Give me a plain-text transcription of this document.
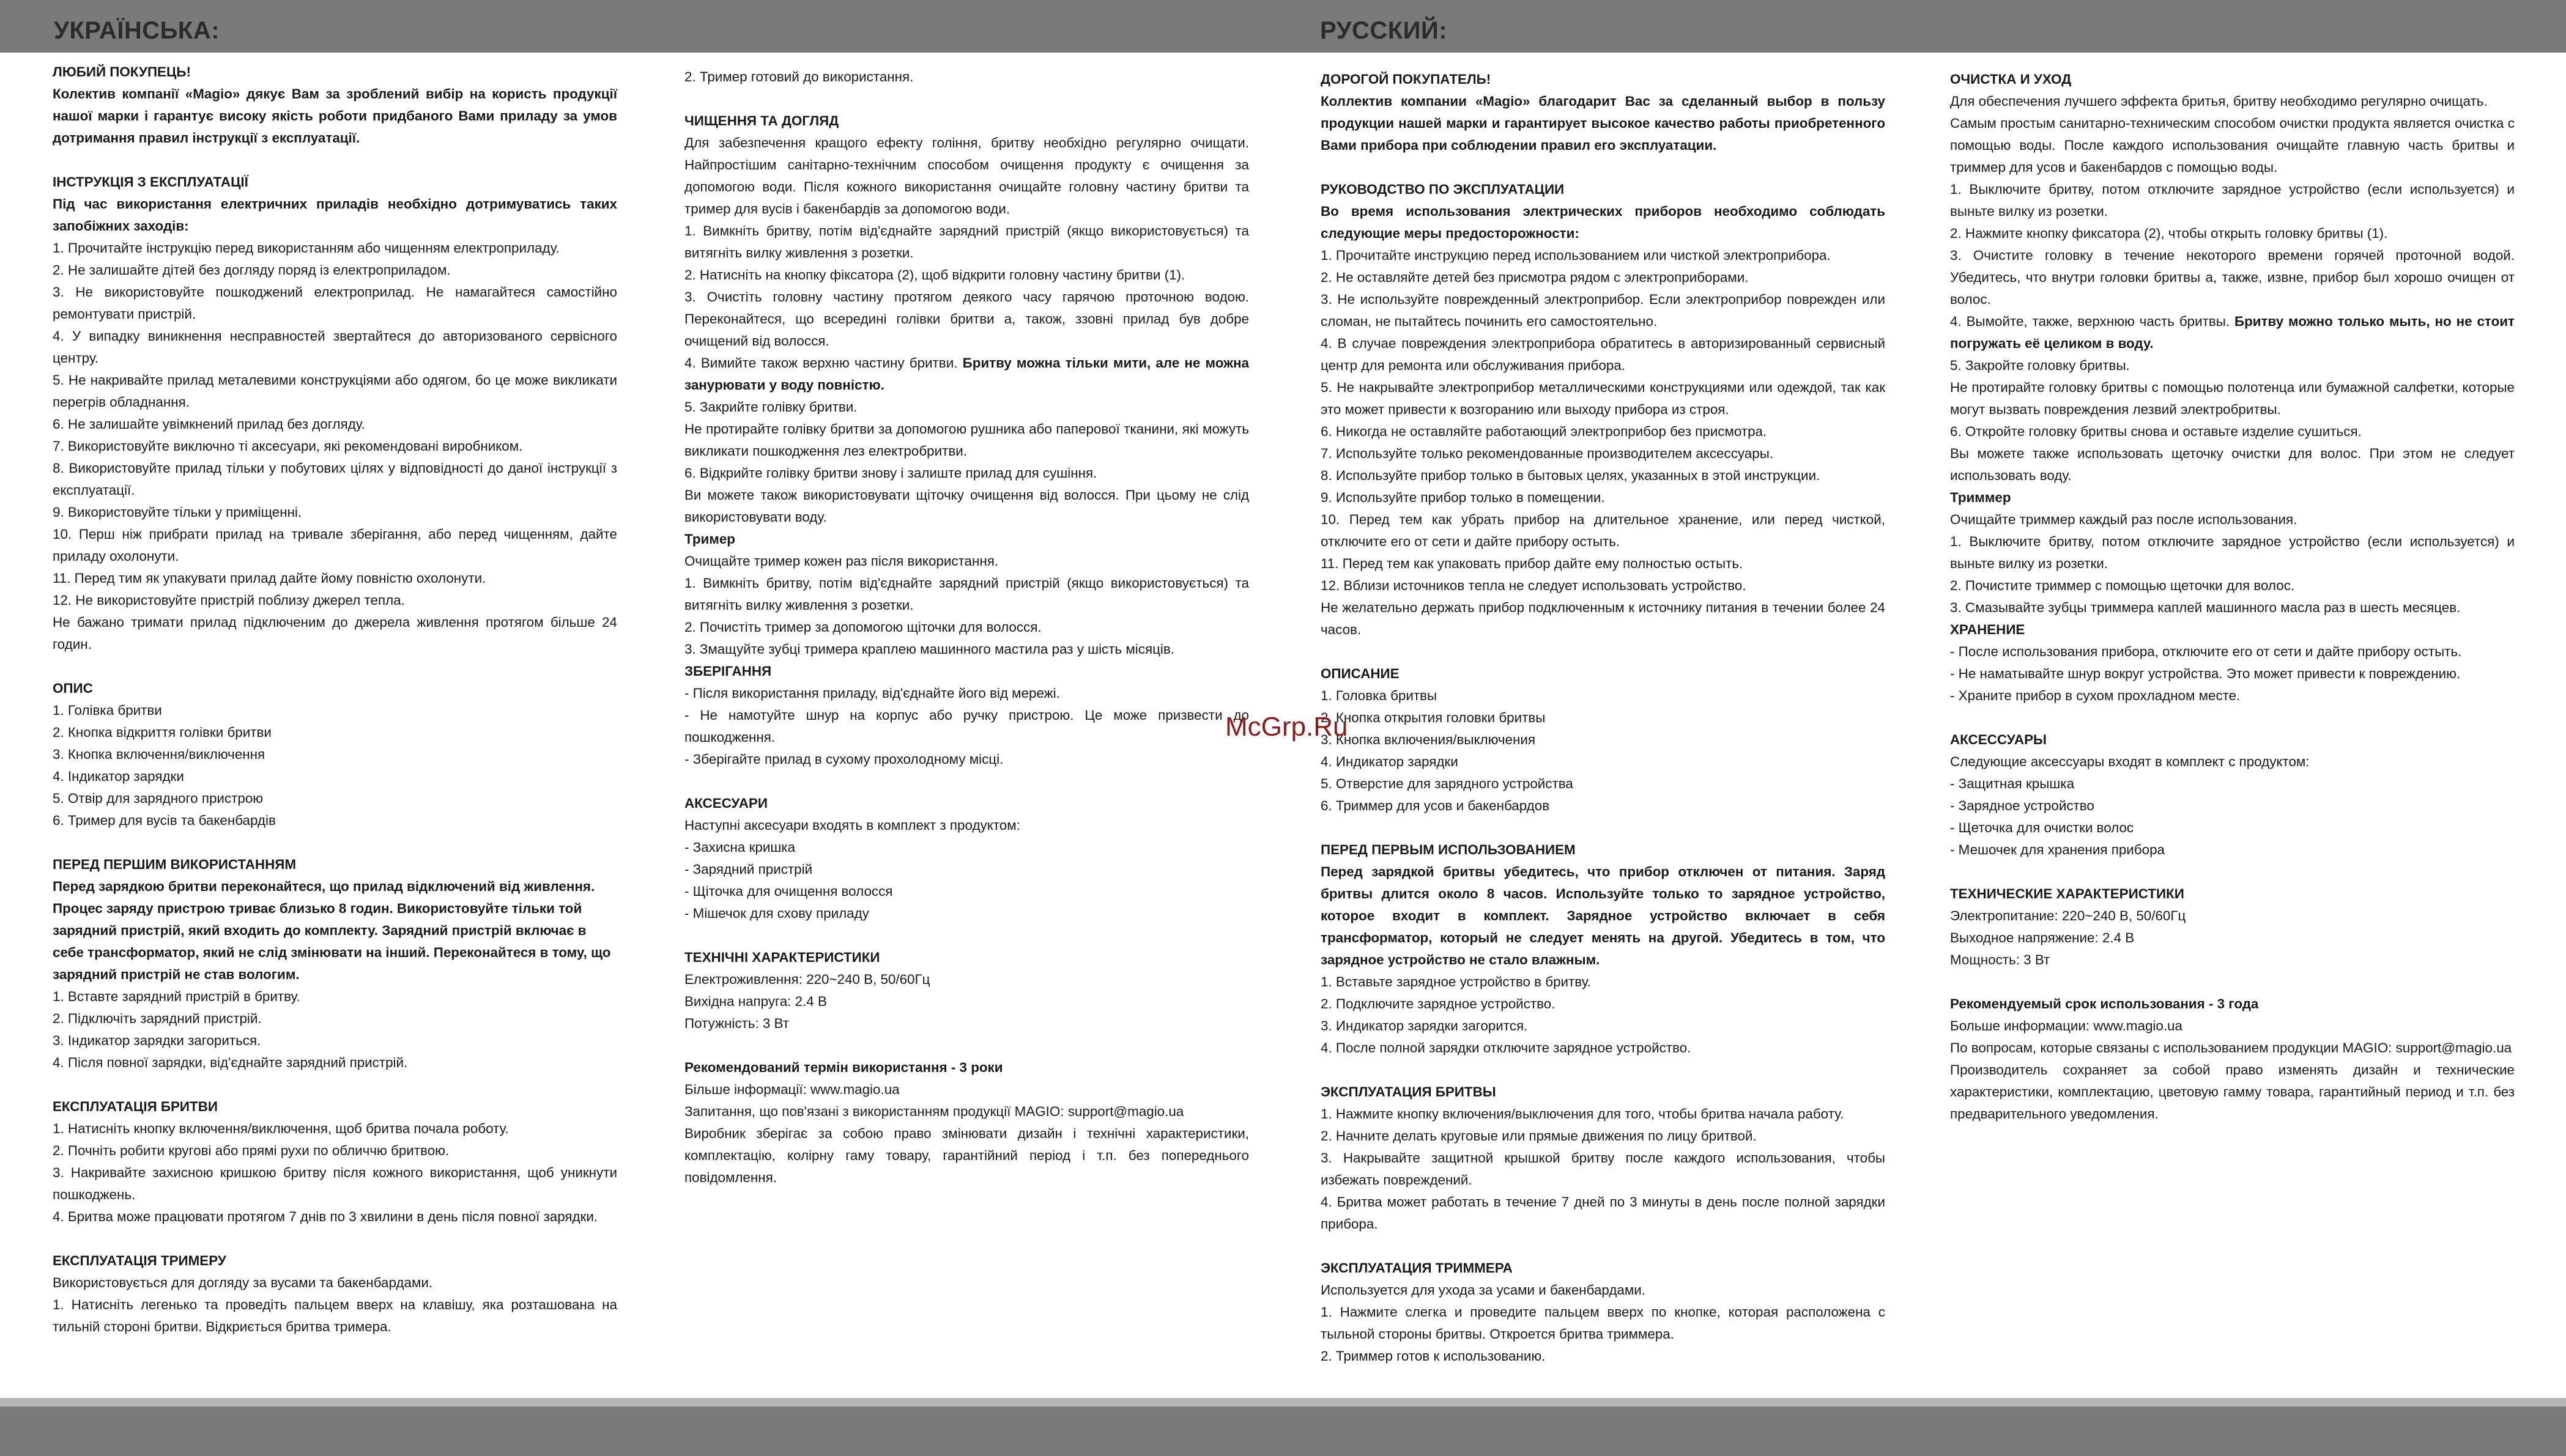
УКРАЇНСЬКА:	РУССКИЙ:

ЛЮБИЙ ПОКУПЕЦЬ!

Колектив компанії «Magio» дякує Вам за зроблений вибір на користь продукції нашої марки і гарантує високу якість роботи придбаного Вами приладу за умов дотримання правил інструкції з експлуатації.

ІНСТРУКЦІЯ З ЕКСПЛУАТАЦІЇ

Під час використання електричних приладів необхідно дотримуватись таких запобіжних заходів:

1. Прочитайте інструкцію перед використанням або чищенням електроприладу.

2. Не залишайте дітей без догляду поряд із електроприладом.

3. Не використовуйте пошкоджений електроприлад. Не намагайтеся самостійно ремонтувати пристрій.

4. У випадку виникнення несправностей звертайтеся до авторизованого сервісного центру.

5. Не накривайте прилад металевими конструкціями або одягом, бо це може викликати перегрів обладнання.

6. Не залишайте увімкнений прилад без догляду.

7. Використовуйте виключно ті аксесуари, які рекомендовані виробником.

8. Використовуйте прилад тільки у побутових цілях у відповідності до даної інструкції з експлуатації.

9. Використовуйте тільки у приміщенні.

10. Перш ніж прибрати прилад на тривале зберігання, або перед чищенням, дайте приладу охолонути.

11. Перед тим як упакувати прилад дайте йому повністю охолонути.

12. Не використовуйте пристрій поблизу джерел тепла.

Не бажано тримати прилад підключеним до джерела живлення протягом більше 24 годин.

ОПИС

1. Голівка бритви

2. Кнопка відкриття голівки бритви

3. Кнопка включення/виключення

4. Індикатор зарядки

5. Отвір для зарядного пристрою

6. Тример для вусів та бакенбардів

ПЕРЕД ПЕРШИМ ВИКОРИСТАННЯМ

Перед зарядкою бритви переконайтеся, що прилад відключений від живлення. Процес заряду пристрою триває близько 8 годин. Використовуйте тільки той зарядний пристрій, який входить до комплекту. Зарядний пристрій включає в себе трансформатор, який не слід змінювати на інший. Переконайтеся в тому, що зарядний пристрій не став вологим.

1. Вставте зарядний пристрій в бритву.

2. Підключіть зарядний пристрій.

3. Індикатор зарядки загориться.

4. Після повної зарядки, від'єднайте зарядний пристрій.

ЕКСПЛУАТАЦІЯ БРИТВИ

1. Натисніть кнопку включення/виключення, щоб бритва почала роботу.

2. Почніть робити кругові або прямі рухи по обличчю бритвою.

3. Накривайте захисною кришкою бритву після кожного використання, щоб уникнути пошкоджень.

4. Бритва може працювати протягом 7 днів по 3 хвилини в день після повної зарядки.

ЕКСПЛУАТАЦІЯ ТРИМЕРУ

Використовується для догляду за вусами та бакенбардами.

1. Натисніть легенько та проведіть пальцем вверх на клавішу, яка розташована на тильній стороні бритви. Відкриється бритва тримера.

2. Тример готовий до використання.

ЧИЩЕННЯ ТА ДОГЛЯД

Для забезпечення кращого ефекту гоління, бритву необхідно регулярно очищати. Найпростішим санітарно-технічним способом очищення продукту є очищення за допомогою води. Після кожного використання очищайте головну частину бритви та тример для вусів і бакенбардів за допомогою води.

1. Вимкніть бритву, потім від'єднайте зарядний пристрій (якщо використовується) та витягніть вилку живлення з розетки.

2. Натисніть на кнопку фіксатора (2), щоб відкрити головну частину бритви (1).

3. Очистіть головну частину протягом деякого часу гарячою проточною водою. Переконайтеся, що всередині голівки бритви а, також, ззовні прилад був добре очищений від волосся.

4. Вимийте також верхню частину бритви. Бритву можна тільки мити, але не можна занурювати у воду повністю.

5. Закрийте голівку бритви.

Не протирайте голівку бритви за допомогою рушника або паперової тканини, які можуть викликати пошкодження лез електробритви.

6. Відкрийте голівку бритви знову і залиште прилад для сушіння.

Ви можете також використовувати щіточку очищення від волосся. При цьому не слід використовувати воду.

Тример

Очищайте тример кожен раз після використання.

1. Вимкніть бритву, потім від'єднайте зарядний пристрій (якщо використовується) та витягніть вилку живлення з розетки.

2. Почистіть тример за допомогою щіточки для волосся.

3. Змащуйте зубці тримера краплею машинного мастила раз у шість місяців.

ЗБЕРІГАННЯ

- Після використання приладу, від'єднайте його від мережі.

- Не намотуйте шнур на корпус або ручку пристрою. Це може призвести до пошкодження.

- Зберігайте прилад в сухому прохолодному місці.

АКСЕСУАРИ

Наступні аксесуари входять в комплект з продуктом:

- Захисна кришка

- Зарядний пристрій

- Щіточка для очищення волосся

- Мішечок для схову приладу

ТЕХНІЧНІ ХАРАКТЕРИСТИКИ

Електроживлення: 220~240 В, 50/60Гц

Вихідна напруга: 2.4 В

Потужність: 3 Вт

Рекомендований термін використання - 3 роки

Більше інформації: www.magio.ua

Запитання, що пов'язані з використанням продукції MAGIO: support@magio.ua

Виробник зберігає за собою право змінювати дизайн і технічні характеристики, комплектацію, колірну гаму товару, гарантійний період і т.п. без попереднього повідомлення.

ДОРОГОЙ ПОКУПАТЕЛЬ!

Коллектив компании «Magio» благодарит Вас за сделанный выбор в пользу продукции нашей марки и гарантирует высокое качество работы приобретенного Вами прибора при соблюдении правил его эксплуатации.

РУКОВОДСТВО ПО ЭКСПЛУАТАЦИИ

Во время использования электрических приборов необходимо соблюдать следующие меры предосторожности:

1. Прочитайте инструкцию перед использованием или чисткой электроприбора.

2. Не оставляйте детей без присмотра рядом с электроприборами.

3. Не используйте поврежденный электроприбор. Если электроприбор поврежден или сломан, не пытайтесь починить его самостоятельно.

4. В случае повреждения электроприбора обратитесь в авторизированный сервисный центр для ремонта или обслуживания прибора.

5. Не накрывайте электроприбор металлическими конструкциями или одеждой, так как это может привести к возгоранию или выходу прибора из строя.

6. Никогда не оставляйте работающий электроприбор без присмотра.

7. Используйте только рекомендованные производителем аксессуары.

8. Используйте прибор только в бытовых целях, указанных в этой инструкции.

9. Используйте прибор только в помещении.

10. Перед тем как убрать прибор на длительное хранение, или перед чисткой, отключите его от сети и дайте прибору остыть.

11. Перед тем как упаковать прибор дайте ему полностью остыть.

12. Вблизи источников тепла не следует использовать устройство.

Не желательно держать прибор подключенным к источнику питания в течении более 24 часов.

ОПИСАНИЕ

1. Головка бритвы

2. Кнопка открытия головки бритвы

3. Кнопка включения/выключения

4. Индикатор зарядки

5. Отверстие для зарядного устройства

6. Триммер для усов и бакенбардов

ПЕРЕД ПЕРВЫМ ИСПОЛЬЗОВАНИЕМ

Перед зарядкой бритвы убедитесь, что прибор отключен от питания. Заряд бритвы длится около 8 часов. Используйте только то зарядное устройство, которое входит в комплект. Зарядное устройство включает в себя трансформатор, который не следует менять на другой. Убедитесь в том, что зарядное устройство не стало влажным.

1. Вставьте зарядное устройство в бритву.

2. Подключите зарядное устройство.

3. Индикатор зарядки загорится.

4. После полной зарядки отключите зарядное устройство.

ЭКСПЛУАТАЦИЯ БРИТВЫ

1. Нажмите кнопку включения/выключения для того, чтобы бритва начала работу.

2. Начните делать круговые или прямые движения по лицу бритвой.

3. Накрывайте защитной крышкой бритву после каждого использования, чтобы избежать повреждений.

4. Бритва может работать в течение 7 дней по 3 минуты в день после полной зарядки прибора.

ЭКСПЛУАТАЦИЯ ТРИММЕРА

Используется для ухода за усами и бакенбардами.

1. Нажмите слегка и проведите пальцем вверх по кнопке, которая расположена с тыльной стороны бритвы. Откроется бритва триммера.

2. Триммер готов к использованию.

ОЧИСТКА И УХОД

Для обеспечения лучшего эффекта бритья, бритву необходимо регулярно очищать.

Самым простым санитарно-техническим способом очистки продукта является очистка с помощью воды. После каждого использования очищайте главную часть бритвы и триммер для усов и бакенбардов с помощью воды.

1. Выключите бритву, потом отключите зарядное устройство (если используется) и выньте вилку из розетки.

2. Нажмите кнопку фиксатора (2), чтобы открыть головку бритвы (1).

3. Очистите головку в течение некоторого времени горячей проточной водой. Убедитесь, что внутри головки бритвы а, также, извне, прибор был хорошо очищен от волос.

4. Вымойте, также, верхнюю часть бритвы. Бритву можно только мыть, но не стоит погружать её целиком в воду.

5. Закройте головку бритвы.

Не протирайте головку бритвы с помощью полотенца или бумажной салфетки, которые могут вызвать повреждения лезвий электробритвы.

6. Откройте головку бритвы снова и оставьте изделие сушиться.

Вы можете также использовать щеточку очистки для волос. При этом не следует использовать воду.

Триммер

Очищайте триммер каждый раз после использования.

1. Выключите бритву, потом отключите зарядное устройство (если используется) и выньте вилку из розетки.

2. Почистите триммер с помощью щеточки для волос.

3. Смазывайте зубцы триммера каплей машинного масла раз в шесть месяцев.

ХРАНЕНИЕ

- После использования прибора, отключите его от сети и дайте прибору остыть.

- Не наматывайте шнур вокруг устройства. Это может привести к повреждению.

- Храните прибор в сухом прохладном месте.

АКСЕССУАРЫ

Следующие аксессуары входят в комплект с продуктом:

- Защитная крышка

- Зарядное устройство

- Щеточка для очистки волос

- Мешочек для хранения прибора

ТЕХНИЧЕСКИЕ ХАРАКТЕРИСТИКИ

Электропитание: 220~240 В, 50/60Гц

Выходное напряжение: 2.4 В

Мощность: 3 Вт

Рекомендуемый срок использования - 3 года

Больше информации: www.magio.ua

По вопросам, которые связаны с использованием продукции MAGIO: support@magio.ua

Производитель сохраняет за собой право изменять дизайн и технические характеристики, комплектацию, цветовую гамму товара, гарантийный период и т.п. без предварительного уведомления.

McGrp.Ru
